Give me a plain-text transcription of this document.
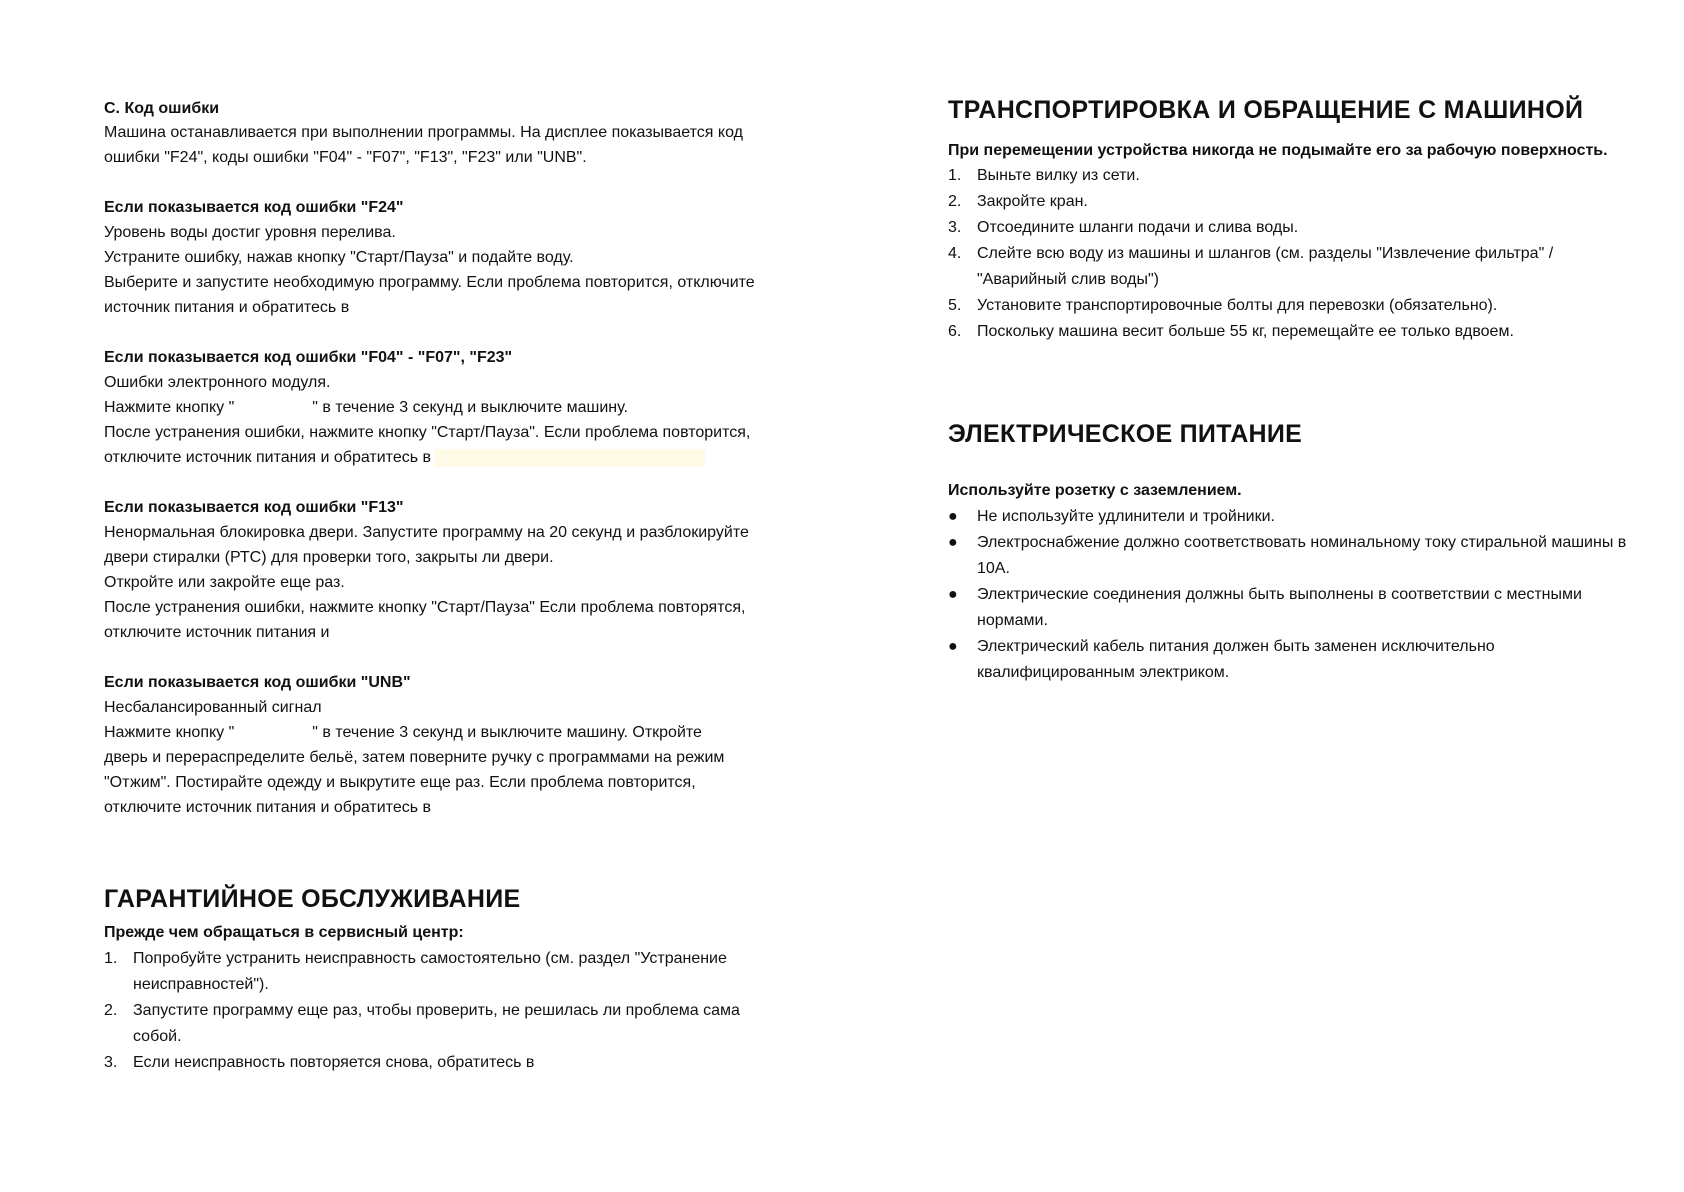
С. Код ошибки
Машина останавливается при выполнении программы. На дисплее показывается код
ошибки "F24", коды ошибки "F04" - "F07", "F13", "F23" или "UNB".
Если показывается код ошибки "F24"
Уровень воды достиг уровня перелива.
Устраните ошибку, нажав кнопку "Старт/Пауза" и подайте воду.
Выберите и запустите необходимую программу. Если проблема повторится, отключите
источник питания и обратитесь в
Если показывается код ошибки "F04" - "F07", "F23"
Ошибки электронного модуля.
Нажмите кнопку "	" в течение 3 секунд и выключите машину.
После устранения ошибки, нажмите кнопку "Старт/Пауза". Если проблема повторится,
отключите источник питания и обратитесь в
Если показывается код ошибки "F13"
Ненормальная блокировка двери. Запустите программу на 20 секунд и разблокируйте
двери стиралки (РТС) для проверки того, закрыты ли двери.
Откройте или закройте еще раз.
После устранения ошибки, нажмите кнопку "Старт/Пауза" Если проблема повторятся,
отключите источник питания и
Если показывается код ошибки "UNB"
Несбалансированный сигнал
Нажмите кнопку "	" в течение 3 секунд и выключите машину. Откройте
дверь и перераспределите бельё, затем поверните ручку с программами на режим
"Отжим". Постирайте одежду и выкрутите еще раз. Если проблема повторится,
отключите источник питания и обратитесь в
ГАРАНТИЙНОЕ ОБСЛУЖИВАНИЕ
Прежде чем обращаться в сервисный центр:
1. Попробуйте устранить неисправность самостоятельно (см. раздел "Устранение
неисправностей").
2. Запустите программу еще раз, чтобы проверить, не решилась ли проблема сама
собой.
3. Если неисправность повторяется снова, обратитесь в
ТРАНСПОРТИРОВКА И ОБРАЩЕНИЕ С МАШИНОЙ
При перемещении устройства никогда не подымайте его за рабочую поверхность.
1. Выньте вилку из сети.
2. Закройте кран.
3. Отсоедините шланги подачи и слива воды.
4. Слейте всю воду из машины и шлангов (см. разделы "Извлечение фильтра" /
"Аварийный слив воды")
5. Установите транспортировочные болты для перевозки (обязательно).
6. Поскольку машина весит больше 55 кг, перемещайте ее только вдвоем.
ЭЛЕКТРИЧЕСКОЕ ПИТАНИЕ
Используйте розетку с заземлением.
● Не используйте удлинители и тройники.
● Электроснабжение должно соответствовать номинальному току стиральной машины в
10А.
● Электрические соединения должны быть выполнены в соответствии с местными
нормами.
● Электрический кабель питания должен быть заменен исключительно
квалифицированным электриком.
